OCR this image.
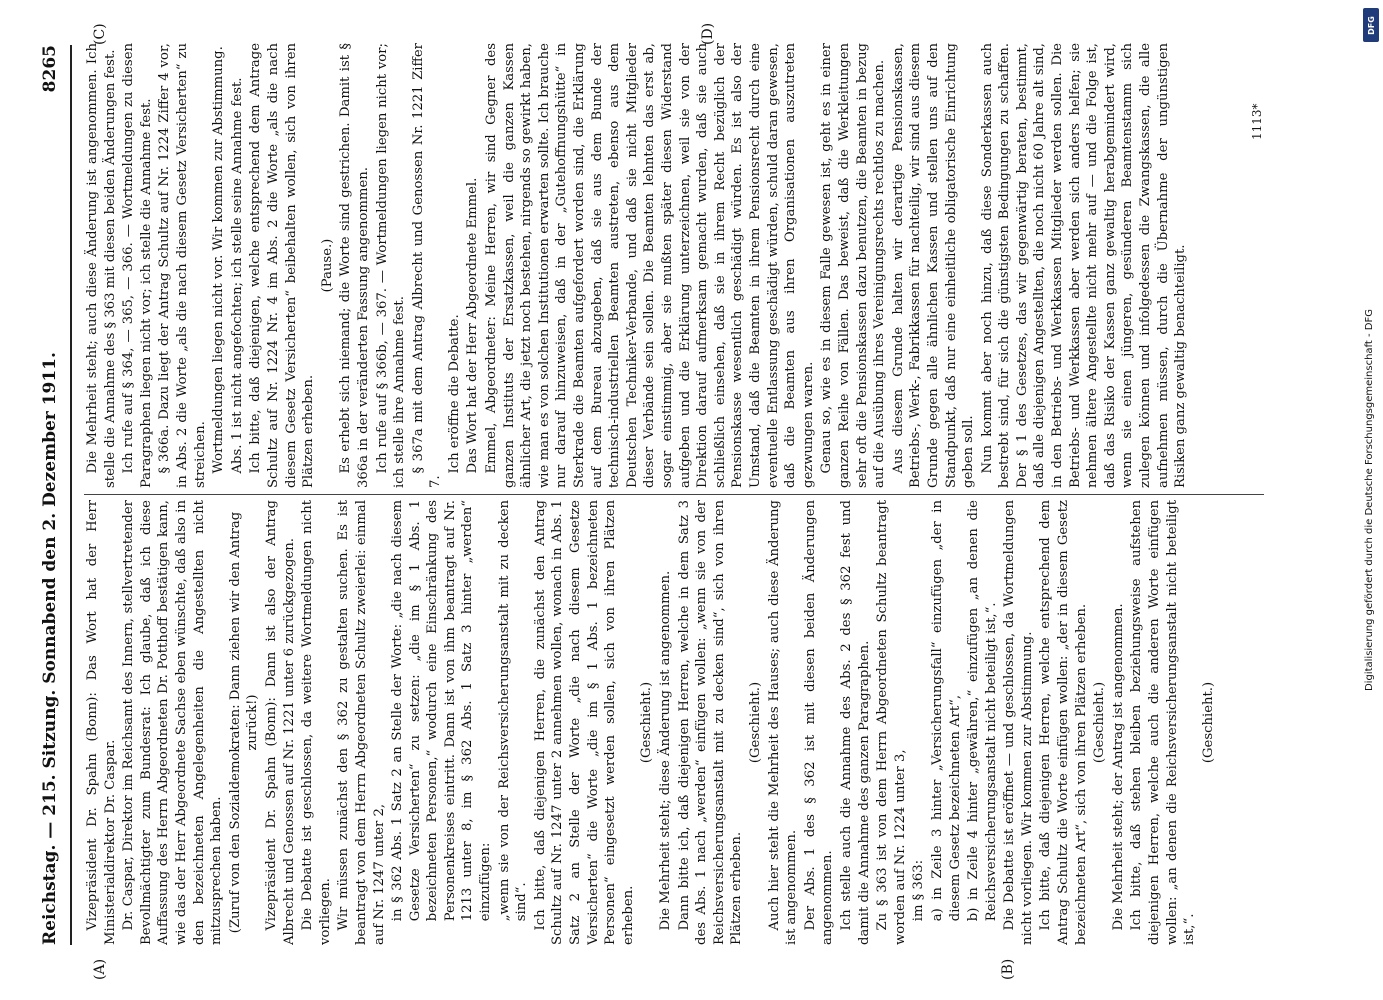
Reichstag. — 215. Sitzung. Sonnabend den 2. Dezember 1911.
8265

Vizepräsident Dr. Spahn (Bonn): Das Wort hat der Herr Ministerialdirektor Dr. Caspar. Dr. Caspar, Direktor im Reichsamt des Innern, stellvertretender Bevollmächtigter zum Bundesrat: Ich glaube, daß ich diese Auffassung des Herrn Abgeordneten Dr. Potthoff bestätigen kann, wie das der Herr Abgeordnete Sachse eben wünschte, daß also in den bezeichneten Angelegenheiten die Angestellten nicht mitzusprechen haben. (Zuruf von den Sozialdemokraten: Dann ziehen wir den Antrag zurück!) Vizepräsident Dr. Spahn (Bonn): Dann ist also der Antrag Albrecht und Genossen auf Nr. 1221 unter 6 zurückgezogen. Die Debatte ist geschlossen, da weitere Wortmeldungen nicht vorliegen. Wir müssen zunächst den § 362 zu gestalten suchen. Es ist beantragt von dem Herrn Abgeordneten Schultz zweierlei: einmal auf Nr. 1247 unter 2, in § 362 Abs. 1 Satz 2 an Stelle der Worte: „die nach diesem Gesetze Versicherten“ zu setzen: „die im § 1 Abs. 1 bezeichneten Personen,“ wodurch eine Einschränkung des Personenkreises eintritt. Dann ist von ihm beantragt auf Nr. 1213 unter 8, im § 362 Abs. 1 Satz 3 hinter „werden“ einzufügen: „wenn sie von der Reichsversicherungsanstalt mit zu decken sind“. Ich bitte, daß diejenigen Herren, die zunächst den Antrag Schultz auf Nr. 1247 unter 2 annehmen wollen, wonach in Abs. 1 Satz 2 an Stelle der Worte „die nach diesem Gesetze Versicherten“ die Worte „die im § 1 Abs. 1 bezeichneten Personen“ eingesetzt werden sollen, sich von ihren Plätzen erheben.

(Geschieht.) Die Mehrheit steht; diese Änderung ist angenommen. Dann bitte ich, daß diejenigen Herren, welche in dem Satz 3 des Abs. 1 nach „werden“ einfügen wollen: „wenn sie von der Reichsversicherungsanstalt mit zu decken sind“, sich von ihren Plätzen erheben.

(Geschieht.) Auch hier steht die Mehrheit des Hauses; auch diese Änderung ist angenommen. Der Abs. 1 des § 362 ist mit diesen beiden Änderungen angenommen. Ich stelle auch die Annahme des Abs. 2 des § 362 fest und damit die Annahme des ganzen Paragraphen. Zu § 363 ist von dem Herrn Abgeordneten Schultz beantragt worden auf Nr. 1224 unter 3, im § 363: a) in Zeile 3 hinter „Versicherungsfall“ einzufügen „der in diesem Gesetz bezeichneten Art“, b) in Zeile 4 hinter „gewähren,“ einzufügen „an denen die Reichsversicherungsanstalt nicht beteiligt ist,“. Die Debatte ist eröffnet — und geschlossen, da Wortmeldungen nicht vorliegen. Wir kommen zur Abstimmung. Ich bitte, daß diejenigen Herren, welche entsprechend dem Antrag Schultz die Worte einfügen wollen: „der in diesem Gesetz bezeichneten Art“, sich von ihren Plätzen erheben. (Geschieht.) Die Mehrheit steht; der Antrag ist angenommen. Ich bitte, daß stehen bleiben beziehungsweise aufstehen diejenigen Herren, welche auch die anderen Worte einfügen wollen: „an denen die Reichsversicherungsanstalt nicht beteiligt ist,“.

(Geschieht.)

Die Mehrheit steht; auch diese Änderung ist angenommen. Ich stelle die Annahme des § 363 mit diesen beiden Änderungen fest. Ich rufe auf § 364, — 365, — 366. — Wortmeldungen zu diesen Paragraphen liegen nicht vor; ich stelle die Annahme fest. § 366a. Dazu liegt der Antrag Schultz auf Nr. 1224 Ziffer 4 vor, in Abs. 2 die Worte „als die nach diesem Gesetz Versicherten“ zu streichen. Wortmeldungen liegen nicht vor. Wir kommen zur Abstimmung. Abs. 1 ist nicht angefochten; ich stelle seine Annahme fest. Ich bitte, daß diejenigen, welche entsprechend dem Antrage Schultz auf Nr. 1224 Nr. 4 im Abs. 2 die Worte „als die nach diesem Gesetz Versicherten“ beibehalten wollen, sich von ihren Plätzen erheben.

(Pause.) Es erhebt sich niemand; die Worte sind gestrichen. Damit ist § 366a in der veränderten Fassung angenommen. Ich rufe auf § 366b, — 367. — Wortmeldungen liegen nicht vor; ich stelle ihre Annahme fest. § 367a mit dem Antrag Albrecht und Genossen Nr. 1221 Ziffer 7.

Ich eröffne die Debatte. Das Wort hat der Herr Abgeordnete Emmel. Emmel, Abgeordneter: Meine Herren, wir sind Gegner des ganzen Instituts der Ersatzkassen, weil die ganzen Kassen ähnlicher Art, die jetzt noch bestehen, nirgends so gewirkt haben, wie man es von solchen Institutionen erwarten sollte. Ich brauche nur darauf hinzuweisen, daß in der „Gutehoffnungshütte“ in Sterkrade die Beamten aufgefordert worden sind, die Erklärung auf dem Bureau abzugeben, daß sie aus dem Bunde der technisch-industriellen Beamten austreten, ebenso aus dem Deutschen Techniker-Verbande, und daß sie nicht Mitglieder dieser Verbände sein sollen. Die Beamten lehnten das erst ab, sogar einstimmig, aber sie mußten später diesen Widerstand aufgeben und die Erklärung unterzeichnen, weil sie von der Direktion darauf aufmerksam gemacht wurden, daß sie auch schließlich einsehen, daß sie in ihrem Recht bezüglich der Pensionskasse wesentlich geschädigt würden. Es ist also der Umstand, daß die Beamten in ihrem Pensionsrecht durch eine eventuelle Entlassung geschädigt würden, schuld daran gewesen, daß die Beamten aus ihren Organisationen auszutreten gezwungen waren. Genau so, wie es in diesem Falle gewesen ist, geht es in einer ganzen Reihe von Fällen. Das beweist, daß die Werkleitungen sehr oft die Pensionskassen dazu benutzen, die Beamten in bezug auf die Ausübung ihres Vereinigungsrechts rechtlos zu machen. Aus diesem Grunde halten wir derartige Pensionskassen, Betriebs-, Werk-, Fabrikkassen für nachteilig, wir sind aus diesem Grunde gegen alle ähnlichen Kassen und stellen uns auf den Standpunkt, daß nur eine einheitliche obligatorische Einrichtung geben soll. Nun kommt aber noch hinzu, daß diese Sonderkassen auch bestrebt sind, für sich die günstigsten Bedingungen zu schaffen. Der § 1 des Gesetzes, das wir gegenwärtig beraten, bestimmt, daß alle diejenigen Angestellten, die noch nicht 60 Jahre alt sind, in den Betriebs- und Werkkassen Mitglieder werden sollen. Die Betriebs- und Werkkassen aber werden sich anders helfen; sie nehmen ältere Angestellte nicht mehr auf — und die Folge ist, daß das Risiko der Kassen ganz gewaltig herabgemindert wird, wenn sie einen jüngeren, gesünderen Beamtenstamm sich zulegen können und infolgedessen die Zwangskassen, die alle aufnehmen müssen, durch die Übernahme der ungünstigen Risiken ganz gewaltig benachteiligt.

(A)	(B)
(C)	(D)
1113*
Digitalisierung gefördert durch die Deutsche Forschungsgemeinschaft - DFG
DFG
